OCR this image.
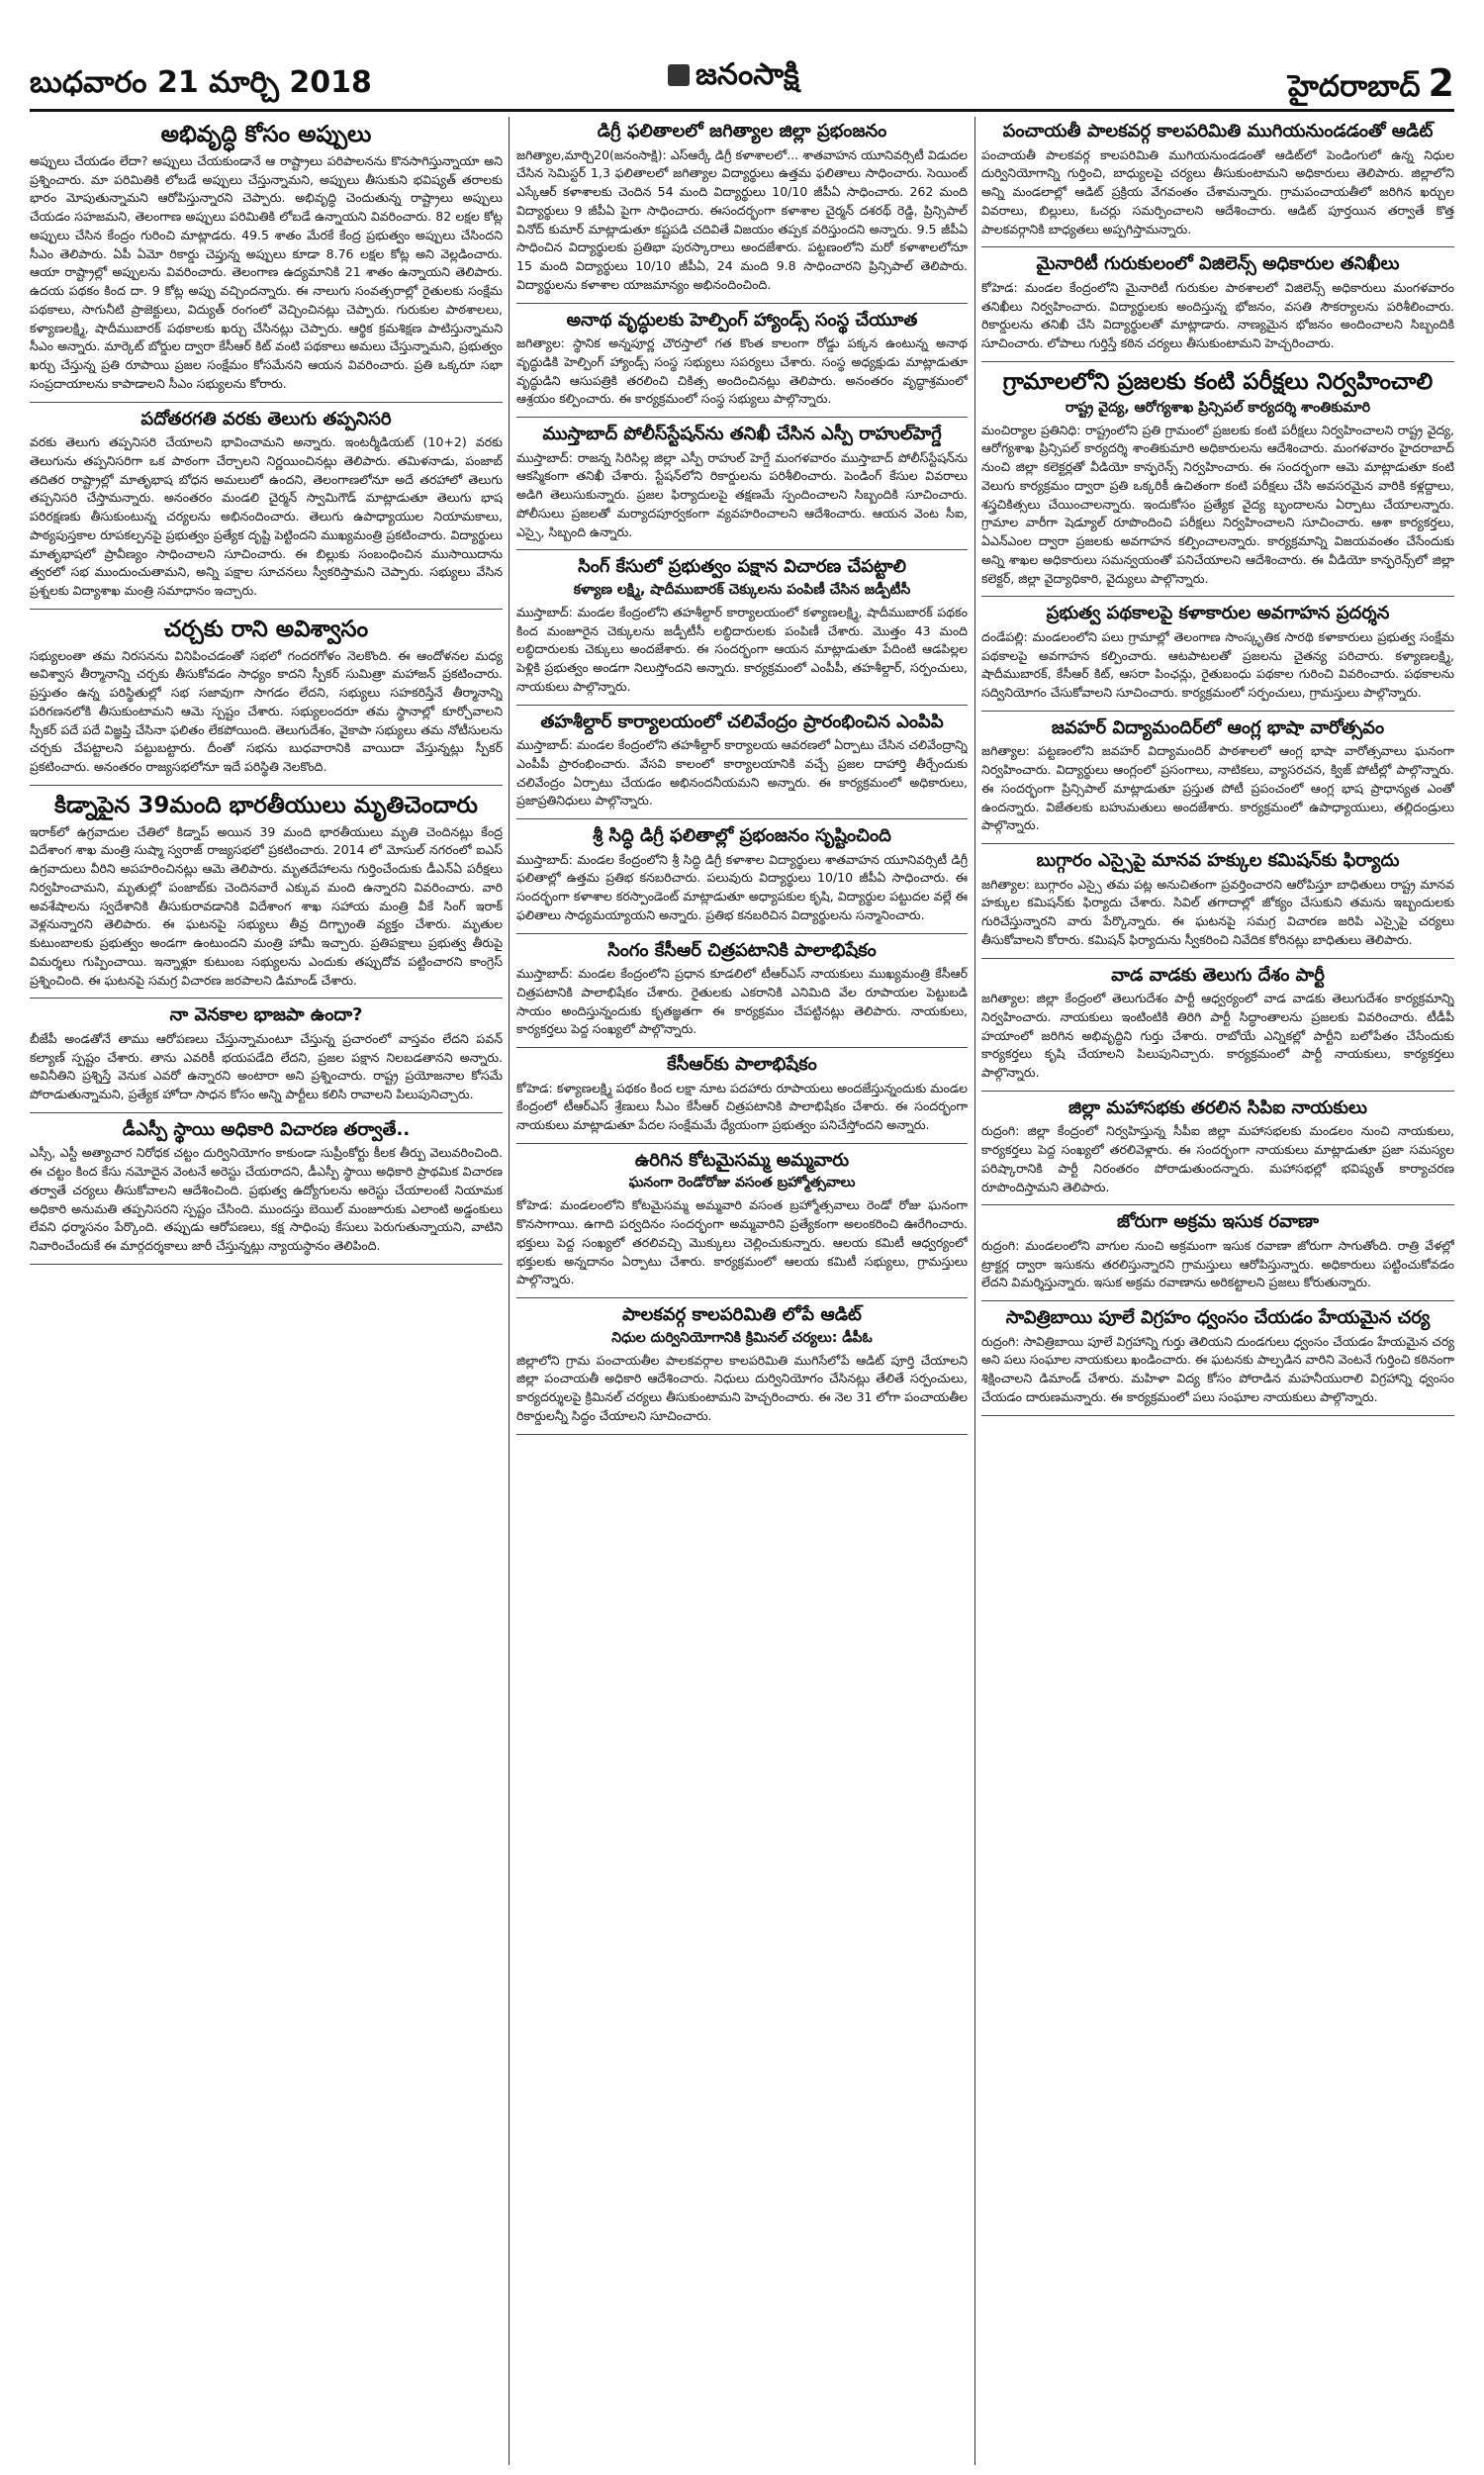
బుధవారం 21 మార్చి 2018	జనంసాక్షి	హైదరాబాద్ 2
అభివృద్ధి కోసం అప్పులు

అప్పులు చేయడం లేదా? అప్పులు చేయకుండానే ఆ రాష్ట్రాలు పరిపాలనను కొనసాగిస్తున్నాయా అని ప్రశ్నించారు. మా పరిమితికి లోబడే అప్పులు చేస్తున్నామని, అప్పులు తీసుకుని భవిష్యత్ తరాలకు భారం మోపుతున్నామని ఆరోపిస్తున్నారని చెప్పారు. అభివృద్ధి చెందుతున్న రాష్ట్రాలు అప్పులు చేయడం సహజమని, తెలంగాణ అప్పులు పరిమితికి లోబడే ఉన్నాయని వివరించారు. 82 లక్షల కోట్ల అప్పులు చేసిన కేంద్రం గురించి మాట్లాడరు. 49.5 శాతం మేరకే కేంద్ర ప్రభుత్వం అప్పులు చేసిందని సీఎం తెలిపారు. ఏపీ ఏమో రికార్డు చెప్తున్న అప్పులు కూడా 8.76 లక్షల కోట్ల అని వెల్లడించారు. ఆయా రాష్ట్రాల్లో అప్పులను వివరించారు. తెలంగాణ ఉద్యమానికి 21 శాతం ఉన్నాయని తెలిపారు. ఉదయ పథకం కింద దా. 9 కోట్ల అప్పు వచ్చిందన్నారు. ఈ నాలుగు సంవత్సరాల్లో రైతులకు సంక్షేమ పథకాలు, సాగునీటి ప్రాజెక్టులు, విద్యుత్ రంగంలో వెచ్చించినట్లు చెప్పారు. గురుకుల పాఠశాలలు, కళ్యాణలక్ష్మి, షాదీముబారక్ పథకాలకు ఖర్చు చేసినట్లు చెప్పారు. ఆర్థిక క్రమశిక్షణ పాటిస్తున్నామని సీఎం అన్నారు. మార్కెట్ బోర్డుల ద్వారా కేసీఆర్ కిట్ వంటి పథకాలు అమలు చేస్తున్నామని, ప్రభుత్వం ఖర్చు చేస్తున్న ప్రతి రూపాయి ప్రజల సంక్షేమం కోసమేనని ఆయన వివరించారు. ప్రతి ఒక్కరూ సభా సంప్రదాయాలను కాపాడాలని సీఎం సభ్యులను కోరారు.

పదోతరగతి వరకు తెలుగు తప్పనిసరి

వరకు తెలుగు తప్పనిసరి చేయాలని భావించామని అన్నారు. ఇంటర్మీడియట్ (10+2) వరకు తెలుగును తప్పనిసరిగా ఒక పాఠంగా చేర్చాలని నిర్ణయించినట్లు తెలిపారు. తమిళనాడు, పంజాబ్ తదితర రాష్ట్రాల్లో మాతృభాష బోధన అమలులో ఉందని, తెలంగాణలోనూ అదే తరహాలో తెలుగు తప్పనిసరి చేస్తామన్నారు. అనంతరం మండలి చైర్మన్ స్వామిగౌడ్ మాట్లాడుతూ తెలుగు భాష పరిరక్షణకు తీసుకుంటున్న చర్యలను అభినందించారు. తెలుగు ఉపాధ్యాయుల నియామకాలు, పాఠ్యపుస్తకాల రూపకల్పనపై ప్రభుత్వం ప్రత్యేక దృష్టి పెట్టిందని ముఖ్యమంత్రి ప్రకటించారు. విద్యార్థులు మాతృభాషలో ప్రావీణ్యం సాధించాలని సూచించారు. ఈ బిల్లుకు సంబంధించిన ముసాయిదాను త్వరలో సభ ముందుంచుతామని, అన్ని పక్షాల సూచనలు స్వీకరిస్తామని చెప్పారు. సభ్యులు వేసిన ప్రశ్నలకు విద్యాశాఖ మంత్రి సమాధానం ఇచ్చారు.

చర్చకు రాని అవిశ్వాసం

సభ్యులంతా తమ నిరసనను వినిపించడంతో సభలో గందరగోళం నెలకొంది. ఈ ఆందోళనల మధ్య అవిశ్వాస తీర్మానాన్ని చర్చకు తీసుకోవడం సాధ్యం కాదని స్పీకర్ సుమిత్రా మహాజన్ ప్రకటించారు. ప్రస్తుతం ఉన్న పరిస్థితుల్లో సభ సజావుగా సాగడం లేదని, సభ్యులు సహకరిస్తేనే తీర్మానాన్ని పరిగణనలోకి తీసుకుంటామని ఆమె స్పష్టం చేశారు. సభ్యులందరూ తమ స్థానాల్లో కూర్చోవాలని స్పీకర్ పదే పదే విజ్ఞప్తి చేసినా ఫలితం లేకపోయింది. తెలుగుదేశం, వైకాపా సభ్యులు తమ నోటీసులను చర్చకు చేపట్టాలని పట్టుబట్టారు. దీంతో సభను బుధవారానికి వాయిదా వేస్తున్నట్లు స్పీకర్ ప్రకటించారు. అనంతరం రాజ్యసభలోనూ ఇదే పరిస్థితి నెలకొంది.

కిడ్నాపైన 39మంది భారతీయులు మృతిచెందారు

ఇరాక్‌లో ఉగ్రవాదుల చేతిలో కిడ్నాప్ అయిన 39 మంది భారతీయులు మృతి చెందినట్లు కేంద్ర విదేశాంగ శాఖ మంత్రి సుష్మా స్వరాజ్ రాజ్యసభలో ప్రకటించారు. 2014 లో మోసుల్ నగరంలో ఐఎస్ ఉగ్రవాదులు వీరిని అపహరించినట్లు ఆమె తెలిపారు. మృతదేహాలను గుర్తించేందుకు డీఎన్ఏ పరీక్షలు నిర్వహించామని, మృతుల్లో పంజాబ్‌కు చెందినవారే ఎక్కువ మంది ఉన్నారని వివరించారు. వారి అవశేషాలను స్వదేశానికి తీసుకురావడానికి విదేశాంగ శాఖ సహాయ మంత్రి వీకే సింగ్ ఇరాక్ వెళ్లనున్నారని తెలిపారు. ఈ ఘటనపై సభ్యులు తీవ్ర దిగ్భ్రాంతి వ్యక్తం చేశారు. మృతుల కుటుంబాలకు ప్రభుత్వం అండగా ఉంటుందని మంత్రి హామీ ఇచ్చారు. ప్రతిపక్షాలు ప్రభుత్వ తీరుపై విమర్శలు గుప్పించాయి. ఇన్నాళ్లూ కుటుంబ సభ్యులను ఎందుకు తప్పుదోవ పట్టించారని కాంగ్రెస్ ప్రశ్నించింది. ఈ ఘటనపై సమగ్ర విచారణ జరపాలని డిమాండ్ చేశారు.

నా వెనకాల భాజపా ఉందా?

బీజేపీ అండతోనే తాము ఆరోపణలు చేస్తున్నామంటూ చేస్తున్న ప్రచారంలో వాస్తవం లేదని పవన్ కల్యాణ్ స్పష్టం చేశారు. తాను ఎవరికీ భయపడేది లేదని, ప్రజల పక్షాన నిలబడతానని అన్నారు. అవినీతిని ప్రశ్నిస్తే వెనుక ఎవరో ఉన్నారని అంటారా అని ప్రశ్నించారు. రాష్ట్ర ప్రయోజనాల కోసమే పోరాడుతున్నామని, ప్రత్యేక హోదా సాధన కోసం అన్ని పార్టీలు కలిసి రావాలని పిలుపునిచ్చారు.

డీఎస్పీ స్థాయి అధికారి విచారణ తర్వాతే..

ఎస్సీ, ఎస్టీ అత్యాచార నిరోధక చట్టం దుర్వినియోగం కాకుండా సుప్రీంకోర్టు కీలక తీర్పు వెలువరించింది. ఈ చట్టం కింద కేసు నమోదైన వెంటనే అరెస్టు చేయరాదని, డీఎస్పీ స్థాయి అధికారి ప్రాథమిక విచారణ తర్వాతే చర్యలు తీసుకోవాలని ఆదేశించింది. ప్రభుత్వ ఉద్యోగులను అరెస్టు చేయాలంటే నియామక అధికారి అనుమతి తప్పనిసరని స్పష్టం చేసింది. ముందస్తు బెయిల్ మంజూరుకు ఎలాంటి అడ్డంకులు లేవని ధర్మాసనం పేర్కొంది. తప్పుడు ఆరోపణలు, కక్ష సాధింపు కేసులు పెరుగుతున్నాయని, వాటిని నివారించేందుకే ఈ మార్గదర్శకాలు జారీ చేస్తున్నట్లు న్యాయస్థానం తెలిపింది.

డిగ్రీ ఫలితాలలో జగిత్యాల జిల్లా ప్రభంజనం

జగిత్యాల,మార్చి20(జనంసాక్షి): ఎస్ఆర్కే డిగ్రీ కళాశాలలో... శాతవాహన యూనివర్సిటీ విడుదల చేసిన సెమిస్టర్ 1,3 ఫలితాలలో జగిత్యాల విద్యార్థులు ఉత్తమ ఫలితాలు సాధించారు. సెయింట్ ఎస్కేఆర్ కళాశాలకు చెందిన 54 మంది విద్యార్థులు 10/10 జీపీఏ సాధించారు. 262 మంది విద్యార్థులు 9 జీపీఏ పైగా సాధించారు. ఈసందర్భంగా కళాశాల చైర్మన్ దశరథ్ రెడ్డి, ప్రిన్సిపాల్ వినోద్ కుమార్ మాట్లాడుతూ కష్టపడి చదివితే విజయం తప్పక వరిస్తుందని అన్నారు. 9.5 జీపీఏ సాధించిన విద్యార్థులకు ప్రతిభా పురస్కారాలు అందజేశారు. పట్టణంలోని మరో కళాశాలలోనూ 15 మంది విద్యార్థులు 10/10 జీపీఏ, 24 మంది 9.8 సాధించారని ప్రిన్సిపాల్ తెలిపారు. విద్యార్థులను కళాశాల యాజమాన్యం అభినందించింది.

అనాథ వృద్ధులకు హెల్పింగ్ హ్యాండ్స్ సంస్థ చేయూత

జగిత్యాల: స్థానిక అన్నపూర్ణ చౌరస్తాలో గత కొంత కాలంగా రోడ్డు పక్కన ఉంటున్న అనాథ వృద్ధుడికి హెల్పింగ్ హ్యాండ్స్ సంస్థ సభ్యులు సపర్యలు చేశారు. సంస్థ అధ్యక్షుడు మాట్లాడుతూ వృద్ధుడిని ఆసుపత్రికి తరలించి చికిత్స అందించినట్లు తెలిపారు. అనంతరం వృద్ధాశ్రమంలో ఆశ్రయం కల్పించారు. ఈ కార్యక్రమంలో సంస్థ సభ్యులు పాల్గొన్నారు.

ముస్తాబాద్ పోలీస్‌స్టేషన్‌ను తనిఖీ చేసిన ఎస్పీ రాహుల్‌హెగ్డే

ముస్తాబాద్: రాజన్న సిరిసిల్ల జిల్లా ఎస్పీ రాహుల్ హెగ్డే మంగళవారం ముస్తాబాద్ పోలీస్‌స్టేషన్‌ను ఆకస్మికంగా తనిఖీ చేశారు. స్టేషన్‌లోని రికార్డులను పరిశీలించారు. పెండింగ్ కేసుల వివరాలు అడిగి తెలుసుకున్నారు. ప్రజల ఫిర్యాదులపై తక్షణమే స్పందించాలని సిబ్బందికి సూచించారు. పోలీసులు ప్రజలతో మర్యాదపూర్వకంగా వ్యవహరించాలని ఆదేశించారు. ఆయన వెంట సీఐ, ఎస్సై, సిబ్బంది ఉన్నారు.

సింగ్‌ కేసులో ప్రభుత్వం పక్షాన విచారణ చేపట్టాలి
కళ్యాణ లక్ష్మి, షాదీముబారక్ చెక్కులను పంపిణీ చేసిన జడ్పీటీసీ

ముస్తాబాద్: మండల కేంద్రంలోని తహశీల్దార్ కార్యాలయంలో కళ్యాణలక్ష్మి, షాదీముబారక్ పథకం కింద మంజూరైన చెక్కులను జడ్పీటీసీ లబ్ధిదారులకు పంపిణీ చేశారు. మొత్తం 43 మంది లబ్ధిదారులకు చెక్కులు అందజేశారు. ఈ సందర్భంగా ఆయన మాట్లాడుతూ పేదింటి ఆడపిల్లల పెళ్లికి ప్రభుత్వం అండగా నిలుస్తోందని అన్నారు. కార్యక్రమంలో ఎంపీపీ, తహశీల్దార్, సర్పంచులు, నాయకులు పాల్గొన్నారు.

తహశీల్దార్ కార్యాలయంలో చలివేంద్రం ప్రారంభించిన ఎంపిపి

ముస్తాబాద్: మండల కేంద్రంలోని తహశీల్దార్ కార్యాలయ ఆవరణలో ఏర్పాటు చేసిన చలివేంద్రాన్ని ఎంపీపీ ప్రారంభించారు. వేసవి కాలంలో కార్యాలయానికి వచ్చే ప్రజల దాహార్తి తీర్చేందుకు చలివేంద్రం ఏర్పాటు చేయడం అభినందనీయమని అన్నారు. ఈ కార్యక్రమంలో అధికారులు, ప్రజాప్రతినిధులు పాల్గొన్నారు.

శ్రీ సిద్ధి డిగ్రీ ఫలితాల్లో ప్రభంజనం సృష్టించింది

ముస్తాబాద్: మండల కేంద్రంలోని శ్రీ సిద్ధి డిగ్రీ కళాశాల విద్యార్థులు శాతవాహన యూనివర్సిటీ డిగ్రీ ఫలితాల్లో ఉత్తమ ప్రతిభ కనబరిచారు. పలువురు విద్యార్థులు 10/10 జీపీఏ సాధించారు. ఈ సందర్భంగా కళాశాల కరస్పాండెంట్ మాట్లాడుతూ అధ్యాపకుల కృషి, విద్యార్థుల పట్టుదల వల్లే ఈ ఫలితాలు సాధ్యమయ్యాయని అన్నారు. ప్రతిభ కనబరిచిన విద్యార్థులను సన్మానించారు.

సింగం కేసీఆర్ చిత్రపటానికి పాలాభిషేకం

ముస్తాబాద్: మండల కేంద్రంలోని ప్రధాన కూడలిలో టీఆర్ఎస్ నాయకులు ముఖ్యమంత్రి కేసీఆర్ చిత్రపటానికి పాలాభిషేకం చేశారు. రైతులకు ఎకరానికి ఎనిమిది వేల రూపాయల పెట్టుబడి సాయం అందిస్తున్నందుకు కృతజ్ఞతగా ఈ కార్యక్రమం చేపట్టినట్లు తెలిపారు. నాయకులు, కార్యకర్తలు పెద్ద సంఖ్యలో పాల్గొన్నారు.

కేసీఆర్‌కు పాలాభిషేకం

కోహెడ: కళ్యాణలక్ష్మి పథకం కింద లక్షా నూట పదహారు రూపాయలు అందజేస్తున్నందుకు మండల కేంద్రంలో టీఆర్ఎస్ శ్రేణులు సీఎం కేసీఆర్ చిత్రపటానికి పాలాభిషేకం చేశారు. ఈ సందర్భంగా నాయకులు మాట్లాడుతూ పేదల సంక్షేమమే ధ్యేయంగా ప్రభుత్వం పనిచేస్తోందని అన్నారు.

ఉరిగిన కోటమైసమ్మ అమ్మవారు
ఘనంగా రెండోరోజు వసంత బ్రహ్మోత్సవాలు

కోహెడ: మండలంలోని కోటమైసమ్మ అమ్మవారి వసంత బ్రహ్మోత్సవాలు రెండో రోజు ఘనంగా కొనసాగాయి. ఉగాది పర్వదినం సందర్భంగా అమ్మవారిని ప్రత్యేకంగా అలంకరించి ఊరేగించారు. భక్తులు పెద్ద సంఖ్యలో తరలివచ్చి మొక్కులు చెల్లించుకున్నారు. ఆలయ కమిటీ ఆధ్వర్యంలో భక్తులకు అన్నదానం ఏర్పాటు చేశారు. కార్యక్రమంలో ఆలయ కమిటీ సభ్యులు, గ్రామస్తులు పాల్గొన్నారు.

పాలకవర్గ కాలపరిమితి లోపే ఆడిట్
నిధుల దుర్వినియోగానికి క్రిమినల్ చర్యలు: డీపీఓ

జిల్లాలోని గ్రామ పంచాయతీల పాలకవర్గాల కాలపరిమితి ముగిసేలోపే ఆడిట్ పూర్తి చేయాలని జిల్లా పంచాయతీ అధికారి ఆదేశించారు. నిధులు దుర్వినియోగం చేసినట్లు తేలితే సర్పంచులు, కార్యదర్శులపై క్రిమినల్ చర్యలు తీసుకుంటామని హెచ్చరించారు. ఈ నెల 31 లోగా పంచాయతీల రికార్డులన్నీ సిద్ధం చేయాలని సూచించారు.

పంచాయతీ పాలకవర్గ కాలపరిమితి ముగియనుండడంతో ఆడిట్

పంచాయతీ పాలకవర్గ కాలపరిమితి ముగియనుండడంతో ఆడిట్‌లో పెండింగులో ఉన్న నిధుల దుర్వినియోగాన్ని గుర్తించి, బాధ్యులపై చర్యలు తీసుకుంటామని అధికారులు తెలిపారు. జిల్లాలోని అన్ని మండలాల్లో ఆడిట్ ప్రక్రియ వేగవంతం చేశామన్నారు. గ్రామపంచాయతీలో జరిగిన ఖర్చుల వివరాలు, బిల్లులు, ఓచర్లు సమర్పించాలని ఆదేశించారు. ఆడిట్ పూర్తయిన తర్వాతే కొత్త పాలకవర్గానికి బాధ్యతలు అప్పగిస్తామన్నారు.

మైనారిటీ గురుకులంలో విజిలెన్స్ అధికారుల తనిఖీలు

కోహెడ: మండల కేంద్రంలోని మైనారిటీ గురుకుల పాఠశాలలో విజిలెన్స్ అధికారులు మంగళవారం తనిఖీలు నిర్వహించారు. విద్యార్థులకు అందిస్తున్న భోజనం, వసతి సౌకర్యాలను పరిశీలించారు. రికార్డులను తనిఖీ చేసి విద్యార్థులతో మాట్లాడారు. నాణ్యమైన భోజనం అందించాలని సిబ్బందికి సూచించారు. లోపాలు గుర్తిస్తే కఠిన చర్యలు తీసుకుంటామని హెచ్చరించారు.

గ్రామాలలోని ప్రజలకు కంటి పరీక్షలు నిర్వహించాలి
రాష్ట్ర వైద్య, ఆరోగ్యశాఖ ప్రిన్సిపల్ కార్యదర్శి శాంతికుమారి

మంచిర్యాల ప్రతినిధి: రాష్ట్రంలోని ప్రతి గ్రామంలో ప్రజలకు కంటి పరీక్షలు నిర్వహించాలని రాష్ట్ర వైద్య, ఆరోగ్యశాఖ ప్రిన్సిపల్ కార్యదర్శి శాంతికుమారి అధికారులను ఆదేశించారు. మంగళవారం హైదరాబాద్ నుంచి జిల్లా కలెక్టర్లతో వీడియో కాన్ఫరెన్స్ నిర్వహించారు. ఈ సందర్భంగా ఆమె మాట్లాడుతూ కంటి వెలుగు కార్యక్రమం ద్వారా ప్రతి ఒక్కరికీ ఉచితంగా కంటి పరీక్షలు చేసి అవసరమైన వారికి కళ్లద్దాలు, శస్త్రచికిత్సలు చేయించాలన్నారు. ఇందుకోసం ప్రత్యేక వైద్య బృందాలను ఏర్పాటు చేయాలన్నారు. గ్రామాల వారీగా షెడ్యూల్ రూపొందించి పరీక్షలు నిర్వహించాలని సూచించారు. ఆశా కార్యకర్తలు, ఏఎన్ఎంల ద్వారా ప్రజలకు అవగాహన కల్పించాలన్నారు. కార్యక్రమాన్ని విజయవంతం చేసేందుకు అన్ని శాఖల అధికారులు సమన్వయంతో పనిచేయాలని ఆదేశించారు. ఈ వీడియో కాన్ఫరెన్స్‌లో జిల్లా కలెక్టర్, జిల్లా వైద్యాధికారి, వైద్యులు పాల్గొన్నారు.

ప్రభుత్వ పథకాలపై కళాకారుల అవగాహన ప్రదర్శన

దండేపల్లి: మండలంలోని పలు గ్రామాల్లో తెలంగాణ సాంస్కృతిక సారథి కళాకారులు ప్రభుత్వ సంక్షేమ పథకాలపై అవగాహన కల్పించారు. ఆటపాటలతో ప్రజలను చైతన్య పరిచారు. కళ్యాణలక్ష్మి, షాదీముబారక్, కేసీఆర్ కిట్, ఆసరా పింఛన్లు, రైతుబంధు పథకాల గురించి వివరించారు. పథకాలను సద్వినియోగం చేసుకోవాలని సూచించారు. కార్యక్రమంలో సర్పంచులు, గ్రామస్తులు పాల్గొన్నారు.

జవహర్ విద్యామందిర్‌లో ఆంగ్ల భాషా వారోత్సవం

జగిత్యాల: పట్టణంలోని జవహర్ విద్యామందిర్ పాఠశాలలో ఆంగ్ల భాషా వారోత్సవాలు ఘనంగా నిర్వహించారు. విద్యార్థులు ఆంగ్లంలో ప్రసంగాలు, నాటికలు, వ్యాసరచన, క్విజ్ పోటీల్లో పాల్గొన్నారు. ఈ సందర్భంగా ప్రిన్సిపాల్ మాట్లాడుతూ ప్రస్తుత పోటీ ప్రపంచంలో ఆంగ్ల భాష ప్రాధాన్యత ఎంతో ఉందన్నారు. విజేతలకు బహుమతులు అందజేశారు. కార్యక్రమంలో ఉపాధ్యాయులు, తల్లిదండ్రులు పాల్గొన్నారు.

బుగ్గారం ఎస్సైపై మానవ హక్కుల కమిషన్‌కు ఫిర్యాదు

జగిత్యాల: బుగ్గారం ఎస్సై తమ పట్ల అనుచితంగా ప్రవర్తించారని ఆరోపిస్తూ బాధితులు రాష్ట్ర మానవ హక్కుల కమిషన్‌కు ఫిర్యాదు చేశారు. సివిల్ తగాదాల్లో జోక్యం చేసుకుని తమను ఇబ్బందులకు గురిచేస్తున్నారని వారు పేర్కొన్నారు. ఈ ఘటనపై సమగ్ర విచారణ జరిపి ఎస్సైపై చర్యలు తీసుకోవాలని కోరారు. కమిషన్ ఫిర్యాదును స్వీకరించి నివేదిక కోరినట్లు బాధితులు తెలిపారు.

వాడ వాడకు తెలుగు దేశం పార్టీ

జగిత్యాల: జిల్లా కేంద్రంలో తెలుగుదేశం పార్టీ ఆధ్వర్యంలో వాడ వాడకు తెలుగుదేశం కార్యక్రమాన్ని నిర్వహించారు. నాయకులు ఇంటింటికి తిరిగి పార్టీ సిద్ధాంతాలను ప్రజలకు వివరించారు. టీడీపీ హయాంలో జరిగిన అభివృద్ధిని గుర్తు చేశారు. రాబోయే ఎన్నికల్లో పార్టీని బలోపేతం చేసేందుకు కార్యకర్తలు కృషి చేయాలని పిలుపునిచ్చారు. కార్యక్రమంలో పార్టీ నాయకులు, కార్యకర్తలు పాల్గొన్నారు.

జిల్లా మహాసభకు తరలిన సిపిఐ నాయకులు

రుద్రంగి: జిల్లా కేంద్రంలో నిర్వహిస్తున్న సీపీఐ జిల్లా మహాసభలకు మండలం నుంచి నాయకులు, కార్యకర్తలు పెద్ద సంఖ్యలో తరలివెళ్లారు. ఈ సందర్భంగా నాయకులు మాట్లాడుతూ ప్రజా సమస్యల పరిష్కారానికి పార్టీ నిరంతరం పోరాడుతుందన్నారు. మహాసభల్లో భవిష్యత్ కార్యాచరణ రూపొందిస్తామని తెలిపారు.

జోరుగా అక్రమ ఇసుక రవాణా

రుద్రంగి: మండలంలోని వాగుల నుంచి అక్రమంగా ఇసుక రవాణా జోరుగా సాగుతోంది. రాత్రి వేళల్లో ట్రాక్టర్ల ద్వారా ఇసుకను తరలిస్తున్నారని గ్రామస్తులు ఆరోపిస్తున్నారు. అధికారులు పట్టించుకోవడం లేదని విమర్శిస్తున్నారు. ఇసుక అక్రమ రవాణాను అరికట్టాలని ప్రజలు కోరుతున్నారు.

సావిత్రిబాయి పూలే విగ్రహం ధ్వంసం చేయడం హేయమైన చర్య

రుద్రంగి: సావిత్రిబాయి పూలే విగ్రహాన్ని గుర్తు తెలియని దుండగులు ధ్వంసం చేయడం హేయమైన చర్య అని పలు సంఘాల నాయకులు ఖండించారు. ఈ ఘటనకు పాల్పడిన వారిని వెంటనే గుర్తించి కఠినంగా శిక్షించాలని డిమాండ్ చేశారు. మహిళా విద్య కోసం పోరాడిన మహనీయురాలి విగ్రహాన్ని ధ్వంసం చేయడం దారుణమన్నారు. ఈ కార్యక్రమంలో పలు సంఘాల నాయకులు పాల్గొన్నారు.
